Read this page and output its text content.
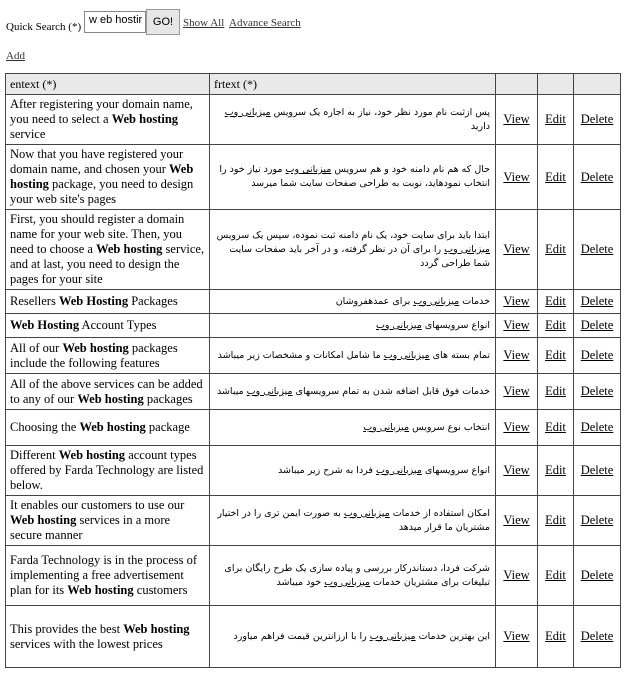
Quick Search (*)
w eb hostir GO! Show All Advance Search
Add
entext (*)	frtext (*)			
After registering your domain name, you need to select a Web hosting service	پس ازثبت نام مورد نظر خود، نیاز به اجاره یک سرویس میزبانی وب دارید	View	Edit	Delete
Now that you have registered your domain name, and chosen your Web hosting package, you need to design your web site's pages	حال که هم نام دامنه خود و هم سرویس میزبانی وب مورد نیاز خود را انتخاب نمودهاید، نوبت به طراحی صفحات سایت شما میرسد	View	Edit	Delete
First, you should register a domain name for your web site. Then, you need to choose a Web hosting service, and at last, you need to design the pages for your site	ابتدا باید برای سایت خود، یک نام دامنه ثبت نموده، سپس یک سرویس میزبانی وب را برای آن در نظر گرفته، و در آخر باید صفحات سایت شما طراحی گردد	View	Edit	Delete
Resellers Web Hosting Packages	خدمات میزبانی وب برای عمدهفروشان	View	Edit	Delete
Web Hosting Account Types	انواع سرویسهای میزبانی وب	View	Edit	Delete
All of our Web hosting packages include the following features	تمام بسته های میزبانی وب ما شامل امکانات و مشخصات زیر میباشد	View	Edit	Delete
All of the above services can be added to any of our Web hosting packages	خدمات فوق قابل اضافه شدن به تمام سرویسهای میزبانی وب میباشد	View	Edit	Delete
Choosing the Web hosting package	انتخاب نوع سرویس میزبانی وب	View	Edit	Delete
Different Web hosting account types offered by Farda Technology are listed below.	انواع سرویسهای میزبانی وب فردا به شرح زیر میباشد	View	Edit	Delete
It enables our customers to use our Web hosting services in a more secure manner	امکان استفاده از خدمات میزبانی وب به صورت ایمن تری را در اختیار مشتریان ما قرار میدهد	View	Edit	Delete
Farda Technology is in the process of implementing a free advertisement plan for its Web hosting customers	شرکت فردا، دستاندرکار بررسی و پیاده سازی یک طرح رایگان برای تبلیغات برای مشتریان خدمات میزبانی وب خود میباشد	View	Edit	Delete
This provides the best Web hosting services with the lowest prices	این بهترین خدمات میزبانی وب را با ارزانترین قیمت فراهم میاورد	View	Edit	Delete
